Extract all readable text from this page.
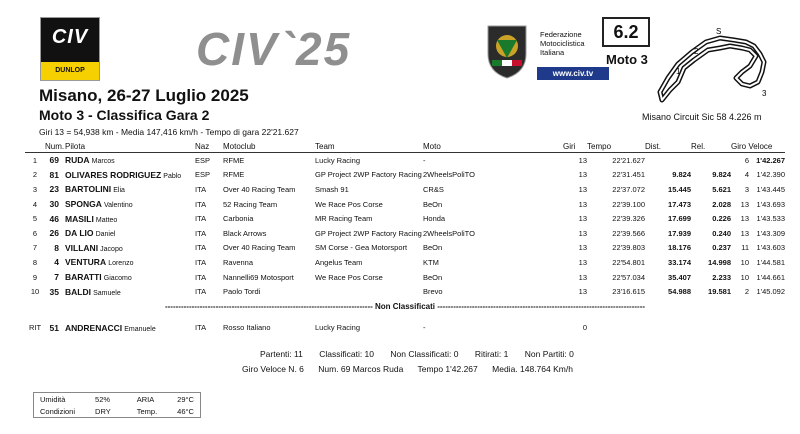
CIV
DUNLOP	CIV`25	Federazione
Motociclistica
Italiana
www.civ.tv
6.2
Moto 3
1
2
3
S
Misano, 26-27 Luglio 2025
Moto 3 - Classifica Gara 2
Giri 13 = 54,938 km - Media 147,416 km/h - Tempo di gara 22'21.627
Misano Circuit Sic 58 4.226 m
	Num.	Pilota	Naz	Motoclub	Team	Moto	Giri	Tempo	Dist.	Rel.	Giro Veloce	
1	69	RUDA Marcos	ESP	RFME	Lucky Racing	-	13	22'21.627			6	1'42.267
2	81	OLIVARES RODRIGUEZ Pablo	ESP	RFME	GP Project 2WP Factory Racing	2WheelsPoliTO	13	22'31.451	9.824	9.824	4	1'42.390
3	23	BARTOLINI Elia	ITA	Over 40 Racing Team	Smash 91	CR&S	13	22'37.072	15.445	5.621	3	1'43.445
4	30	SPONGA Valentino	ITA	52 Racing Team	We Race Pos Corse	BeOn	13	22'39.100	17.473	2.028	13	1'43.693
5	46	MASILI Matteo	ITA	Carbonia	MR Racing Team	Honda	13	22'39.326	17.699	0.226	13	1'43.533
6	26	DA LIO Daniel	ITA	Black Arrows	GP Project 2WP Factory Racing	2WheelsPoliTO	13	22'39.566	17.939	0.240	13	1'43.309
7	8	VILLANI Jacopo	ITA	Over 40 Racing Team	SM Corse - Gea Motorsport	BeOn	13	22'39.803	18.176	0.237	11	1'43.603
8	4	VENTURA Lorenzo	ITA	Ravenna	Angelus Team	KTM	13	22'54.801	33.174	14.998	10	1'44.581
9	7	BARATTI Giacomo	ITA	Nannelli69 Motosport	We Race Pos Corse	BeOn	13	22'57.034	35.407	2.233	10	1'44.661
10	35	BALDI Samuele	ITA	Paolo Tordi		Brevo	13	23'16.615	54.988	19.581	2	1'45.092
------------------------------------------------------------------------------ Non Classificati ------------------------------------------------------------------------------												

RIT	51	ANDRENACCI Emanuele	ITA	Rosso Italiano	Lucky Racing	-	0					
Partenti: 11 Classificati: 10 Non Classificati: 0 Ritirati: 1 Non Partiti: 0
Giro Veloce N. 6 Num. 69 Marcos Ruda Tempo 1'42.267 Media. 148.764 Km/h
Umidità	52%	ARIA	29°C
Condizioni	DRY	Temp.	46°C
